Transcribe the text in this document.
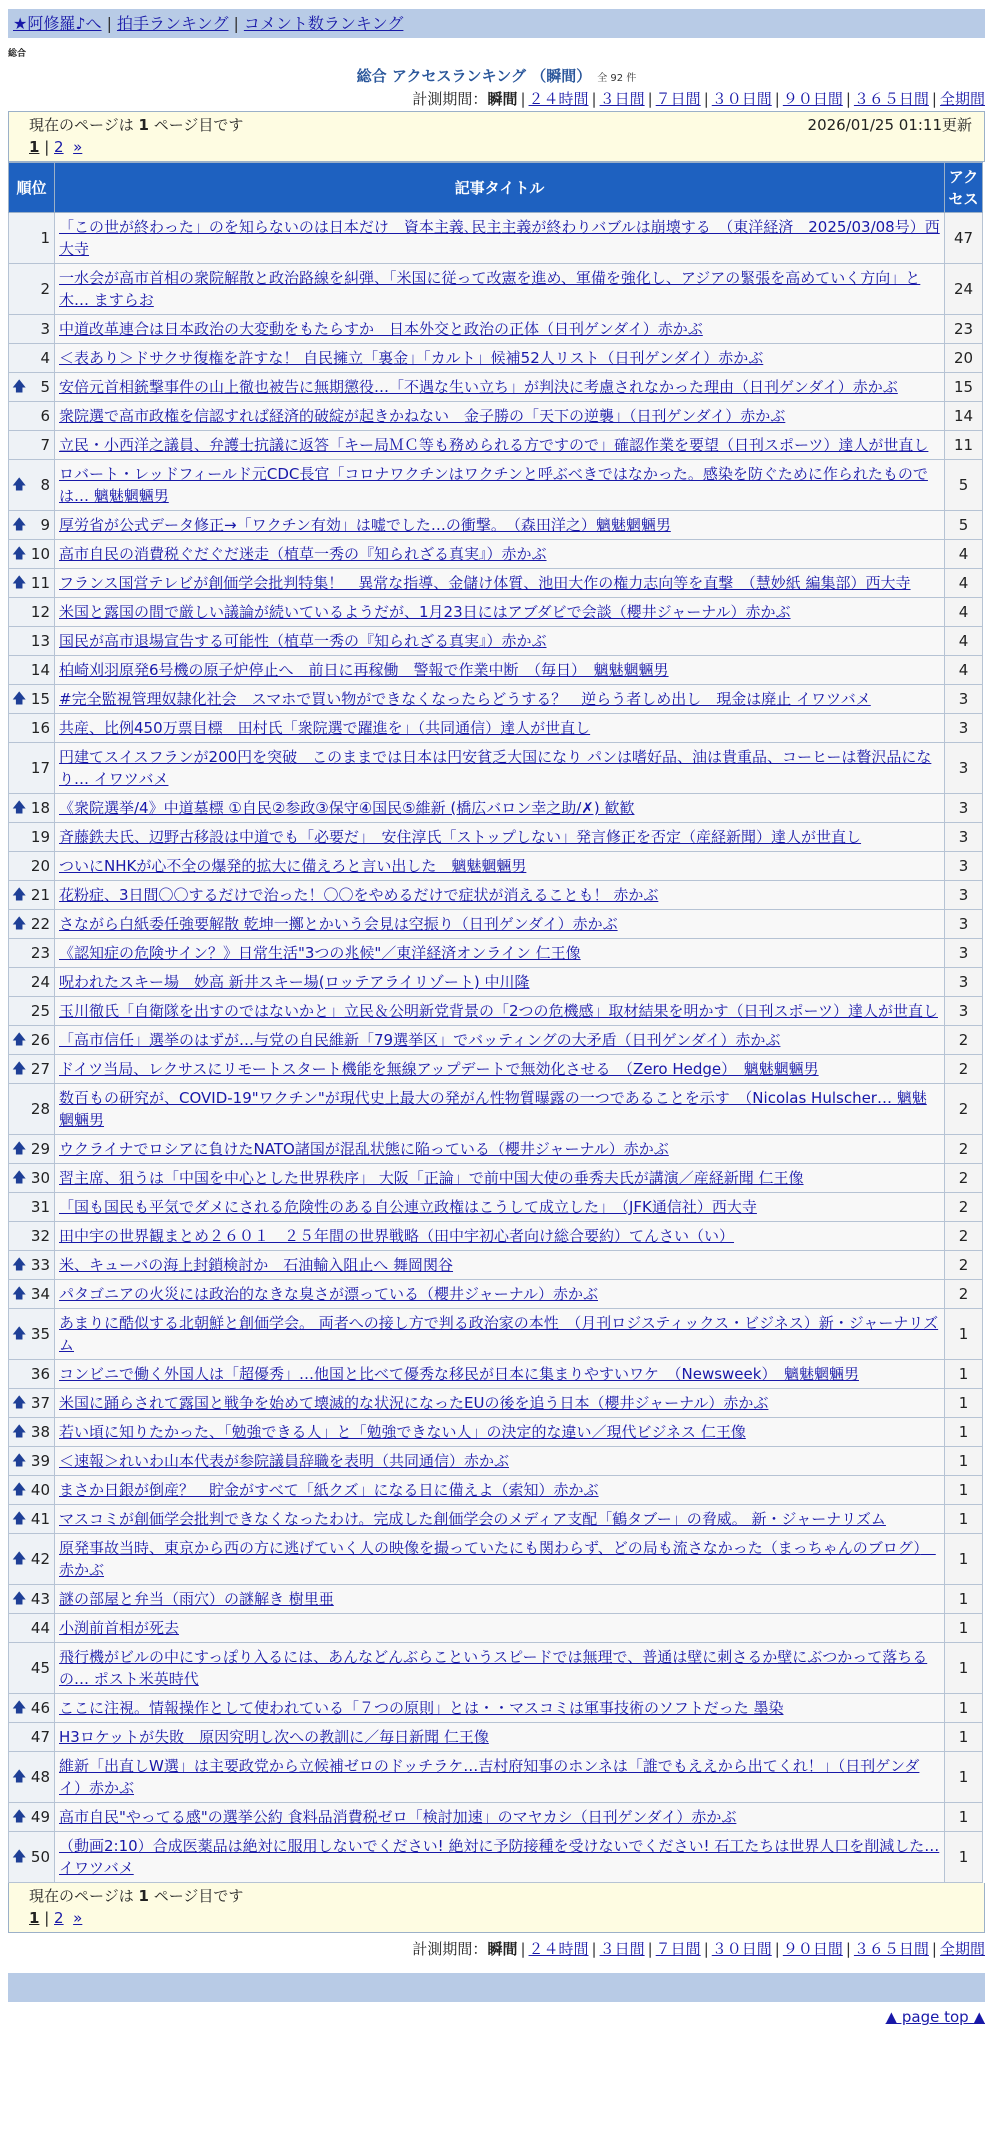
★阿修羅♪へ | 拍手ランキング | コメント数ランキング
総合
総合 アクセスランキング （瞬間） 全 92 件
計測期間：瞬間 | ２４時間 | ３日間 | ７日間 | ３０日間 | ９０日間 | ３６５日間 | 全期間
現在のページは 1 ページ目です	2026/01/25 01:11更新
1 | 2 »
順位	記事タイトル	アクセス
1	「この世が終わった」のを知らないのは日本だけ　資本主義､民主主義が終わりバブルは崩壊する　（東洋経済　2025/03/08号）西大寺	47
2	一水会が高市首相の衆院解散と政治路線を糾弾、「米国に従って改憲を進め、軍備を強化し、アジアの緊張を高めていく方向」と木… ますらお	24
3	中道改革連合は日本政治の大変動をもたらすか　日本外交と政治の正体（日刊ゲンダイ）赤かぶ	23
4	＜表あり＞ドサクサ復権を許すな！ 自民擁立「裏金」「カルト」候補52人リスト（日刊ゲンダイ）赤かぶ	20

🡅 5	安倍元首相銃撃事件の山上徹也被告に無期懲役…「不遇な生い立ち」が判決に考慮されなかった理由（日刊ゲンダイ）赤かぶ	15
6	衆院選で高市政権を信認すれば経済的破綻が起きかねない　金子勝の「天下の逆襲」（日刊ゲンダイ）赤かぶ	14
7	立民・小西洋之議員、弁護士抗議に返答「キー局ＭＣ等も務められる方ですので」確認作業を要望（日刊スポーツ）達人が世直し	11

🡅 8	ロバート・レッドフィールド元CDC長官「コロナワクチンはワクチンと呼ぶべきではなかった。感染を防ぐために作られたものでは… 魑魅魍魎男	5

🡅 9	厚労省が公式データ修正→「ワクチン有効」は嘘でした…の衝撃。　（森田洋之）魑魅魍魎男	5

🡅 10	高市自民の消費税ぐだぐだ迷走（植草一秀の『知られざる真実』）赤かぶ	4

🡅 11	フランス国営テレビが創価学会批判特集！　異常な指導、金儲け体質、池田大作の権力志向等を直撃　（慧妙紙 編集部）西大寺	4
12	米国と露国の間で厳しい議論が続いているようだが、1月23日にはアブダビで会談（櫻井ジャーナル）赤かぶ	4
13	国民が高市退場宣告する可能性（植草一秀の『知られざる真実』）赤かぶ	4
14	柏崎刈羽原発6号機の原子炉停止へ　前日に再稼働　警報で作業中断　（毎日）　魑魅魍魎男	4

🡅 15	#完全監視管理奴隷化社会　スマホで買い物ができなくなったらどうする？　逆らう者しめ出し　現金は廃止 イワツバメ	3
16	共産、比例450万票目標　田村氏「衆院選で躍進を」（共同通信）達人が世直し	3
17	円建てスイスフランが200円を突破　このままでは日本は円安貧乏大国になり パンは嗜好品、油は貴重品、コーヒーは贅沢品になり… イワツバメ	3

🡅 18	《衆院選挙/4》中道墓標 ①自民②参政③保守④国民⑤維新 (橋広バロン幸之助/✗) 歓歓	3
19	斉藤鉄夫氏、辺野古移設は中道でも「必要だ」　安住淳氏「ストップしない」発言修正を否定（産経新聞）達人が世直し	3
20	ついにNHKが心不全の爆発的拡大に備えろと言い出した　魑魅魍魎男	3

🡅 21	花粉症、3日間〇〇するだけで治った！〇〇をやめるだけで症状が消えることも！ 赤かぶ	3

🡅 22	さながら白紙委任強要解散 乾坤一擲とかいう会見は空振り（日刊ゲンダイ）赤かぶ	3
23	《認知症の危険サイン？》日常生活"3つの兆候"／東洋経済オンライン 仁王像	3
24	呪われたスキー場＿妙高 新井スキー場(ロッテアライリゾート) 中川隆	3
25	玉川徹氏「自衛隊を出すのではないかと」立民＆公明新党背景の「2つの危機感」取材結果を明かす（日刊スポーツ）達人が世直し	3

🡅 26	「高市信任」選挙のはずが…与党の自民維新「79選挙区」でバッティングの大矛盾（日刊ゲンダイ）赤かぶ	2

🡅 27	ドイツ当局、レクサスにリモートスタート機能を無線アップデートで無効化させる　（Zero Hedge）　魑魅魍魎男	2
28	数百もの研究が、COVID-19"ワクチン"が現代史上最大の発がん性物質曝露の一つであることを示す　（Nicolas Hulscher… 魑魅魍魎男	2

🡅 29	ウクライナでロシアに負けたNATO諸国が混乱状態に陥っている（櫻井ジャーナル）赤かぶ	2

🡅 30	習主席、狙うは「中国を中心とした世界秩序」 大阪「正論」で前中国大使の垂秀夫氏が講演／産経新聞 仁王像	2
31	「国も国民も平気でダメにされる危険性のある自公連立政権はこうして成立した」　（JFK通信社）西大寺	2
32	田中宇の世界観まとめ２６０１　２５年間の世界戦略（田中宇初心者向け総合要約）てんさい（い）	2

🡅 33	米、キューバの海上封鎖検討か　石油輸入阻止へ 舞岡関谷	2

🡅 34	パタゴニアの火災には政治的なきな臭さが漂っている（櫻井ジャーナル）赤かぶ	2

🡅 35	あまりに酷似する北朝鮮と創価学会。 両者への接し方で判る政治家の本性　（月刊ロジスティックス・ビジネス）新・ジャーナリズム	1
36	コンビニで働く外国人は「超優秀」…他国と比べて優秀な移民が日本に集まりやすいワケ　（Newsweek）　魑魅魍魎男	1

🡅 37	米国に踊らされて露国と戦争を始めて壊滅的な状況になったEUの後を追う日本（櫻井ジャーナル）赤かぶ	1

🡅 38	若い頃に知りたかった、「勉強できる人」と「勉強できない人」の決定的な違い／現代ビジネス 仁王像	1

🡅 39	＜速報＞れいわ山本代表が参院議員辞職を表明（共同通信）赤かぶ	1

🡅 40	まさか日銀が倒産？　貯金がすべて「紙クズ」になる日に備えよ（索知）赤かぶ	1

🡅 41	マスコミが創価学会批判できなくなったわけ。完成した創価学会のメディア支配「鶴タブー」の脅威。 新・ジャーナリズム	1

🡅 42	原発事故当時、東京から西の方に逃げていく人の映像を撮っていたにも関わらず、どの局も流さなかった（まっちゃんのブログ）　赤かぶ	1

🡅 43	謎の部屋と弁当（雨穴）の謎解き 樹里亜	1
44	小渕前首相が死去	1
45	飛行機がビルの中にすっぽり入るには、あんなどんぶらこというスピードでは無理で、普通は壁に刺さるか壁にぶつかって落ちるの… ポスト米英時代	1

🡅 46	ここに注視。情報操作として使われている「７つの原則」とは・・マスコミは軍事技術のソフトだった 墨染	1
47	H3ロケットが失敗　原因究明し次への教訓に／毎日新聞 仁王像	1

🡅 48	維新「出直しW選」は主要政党から立候補ゼロのドッチラケ…吉村府知事のホンネは「誰でもええから出てくれ！」（日刊ゲンダイ）赤かぶ	1

🡅 49	高市自民"やってる感"の選挙公約 食料品消費税ゼロ「検討加速」のマヤカシ（日刊ゲンダイ）赤かぶ	1

🡅 50	（動画2:10）合成医薬品は絶対に服用しないでください! 絶対に予防接種を受けないでください! 石工たちは世界人口を削減した… イワツバメ	1
現在のページは 1 ページ目です
1 | 2 »
計測期間：瞬間 | ２４時間 | ３日間 | ７日間 | ３０日間 | ９０日間 | ３６５日間 | 全期間
▲ page top ▲
